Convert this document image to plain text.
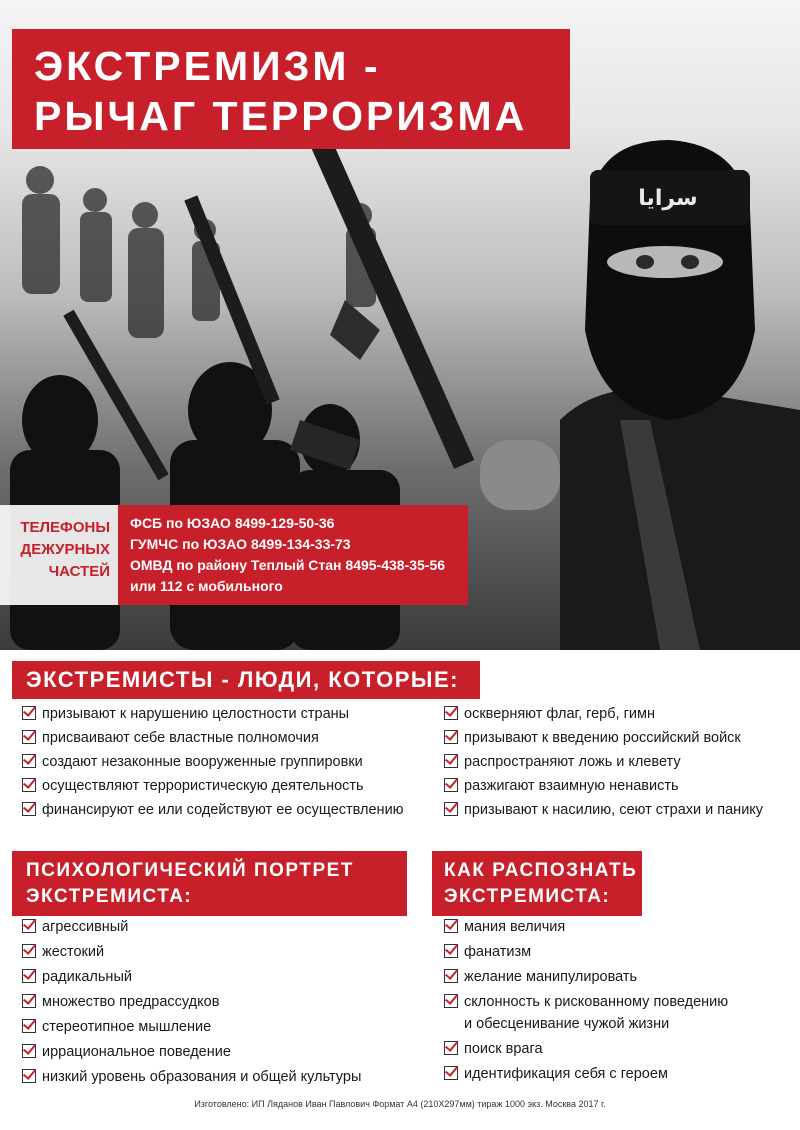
سرايا
ЭКСТРЕМИЗМ -
РЫЧАГ ТЕРРОРИЗМА
ТЕЛЕФОНЫ
ДЕЖУРНЫХ
ЧАСТЕЙ
ФСБ по ЮЗАО 8499-129-50-36
ГУМЧС по ЮЗАО 8499-134-33-73
ОМВД по району Теплый Стан 8495-438-35-56
или 112 с мобильного
ЭКСТРЕМИСТЫ - ЛЮДИ, КОТОРЫЕ:
призывают к нарушению целостности страны
присваивают себе властные полномочия
создают незаконные вооруженные группировки
осуществляют террористическую деятельность
финансируют ее или содействуют ее осуществлению
оскверняют флаг, герб, гимн
призывают к введению российский войск
распространяют ложь и клевету
разжигают взаимную ненависть
призывают к насилию, сеют страхи и панику
ПСИХОЛОГИЧЕСКИЙ ПОРТРЕТ
ЭКСТРЕМИСТА:
агрессивный
жестокий
радикальный
множество предрассудков
стереотипное мышление
иррациональное поведение
низкий уровень образования и общей культуры
КАК РАСПОЗНАТЬ
ЭКСТРЕМИСТА:
мания величия
фанатизм
желание манипулировать
склонность к рискованному поведению
и обесценивание чужой жизни
поиск врага
идентификация себя с героем
Изготовлено: ИП Ляданов Иван Павлович Формат А4 (210Х297мм) тираж 1000 экз. Москва 2017 г.
